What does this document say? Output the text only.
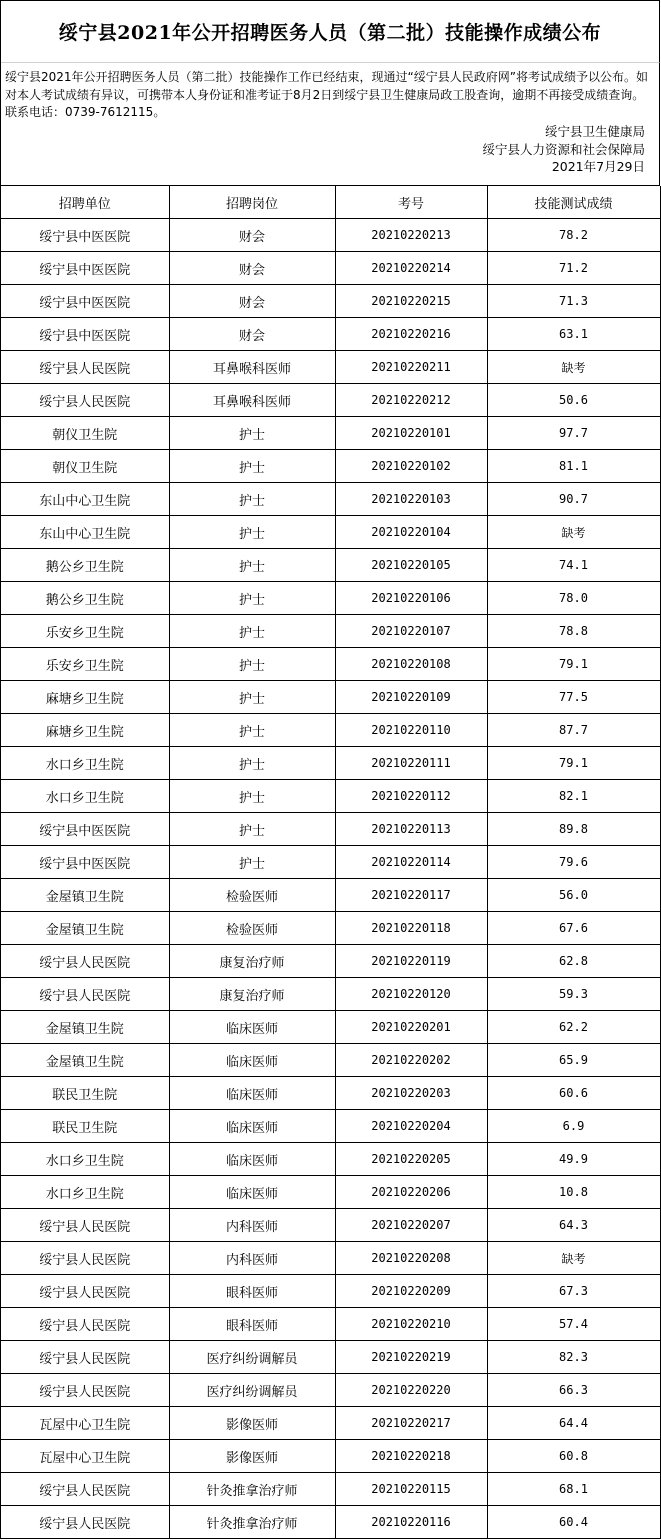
绥宁县2021年公开招聘医务人员（第二批）技能操作成绩公布
绥宁县2021年公开招聘医务人员（第二批）技能操作工作已经结束，现通过“绥宁县人民政府网”将考试成绩予以公布。如对本人考试成绩有异议，可携带本人身份证和准考证于8月2日到绥宁县卫生健康局政工股查询，逾期不再接受成绩查询。联系电话：0739-7612115。
绥宁县卫生健康局
绥宁县人力资源和社会保障局
2021年7月29日
招聘单位	招聘岗位	考号	技能测试成绩
绥宁县中医医院	财会	20210220213	78.2
绥宁县中医医院	财会	20210220214	71.2
绥宁县中医医院	财会	20210220215	71.3
绥宁县中医医院	财会	20210220216	63.1
绥宁县人民医院	耳鼻喉科医师	20210220211	缺考
绥宁县人民医院	耳鼻喉科医师	20210220212	50.6
朝仪卫生院	护士	20210220101	97.7
朝仪卫生院	护士	20210220102	81.1
东山中心卫生院	护士	20210220103	90.7
东山中心卫生院	护士	20210220104	缺考
鹅公乡卫生院	护士	20210220105	74.1
鹅公乡卫生院	护士	20210220106	78.0
乐安乡卫生院	护士	20210220107	78.8
乐安乡卫生院	护士	20210220108	79.1
麻塘乡卫生院	护士	20210220109	77.5
麻塘乡卫生院	护士	20210220110	87.7
水口乡卫生院	护士	20210220111	79.1
水口乡卫生院	护士	20210220112	82.1
绥宁县中医医院	护士	20210220113	89.8
绥宁县中医医院	护士	20210220114	79.6
金屋镇卫生院	检验医师	20210220117	56.0
金屋镇卫生院	检验医师	20210220118	67.6
绥宁县人民医院	康复治疗师	20210220119	62.8
绥宁县人民医院	康复治疗师	20210220120	59.3
金屋镇卫生院	临床医师	20210220201	62.2
金屋镇卫生院	临床医师	20210220202	65.9
联民卫生院	临床医师	20210220203	60.6
联民卫生院	临床医师	20210220204	6.9
水口乡卫生院	临床医师	20210220205	49.9
水口乡卫生院	临床医师	20210220206	10.8
绥宁县人民医院	内科医师	20210220207	64.3
绥宁县人民医院	内科医师	20210220208	缺考
绥宁县人民医院	眼科医师	20210220209	67.3
绥宁县人民医院	眼科医师	20210220210	57.4
绥宁县人民医院	医疗纠纷调解员	20210220219	82.3
绥宁县人民医院	医疗纠纷调解员	20210220220	66.3
瓦屋中心卫生院	影像医师	20210220217	64.4
瓦屋中心卫生院	影像医师	20210220218	60.8
绥宁县人民医院	针灸推拿治疗师	20210220115	68.1
绥宁县人民医院	针灸推拿治疗师	20210220116	60.4
